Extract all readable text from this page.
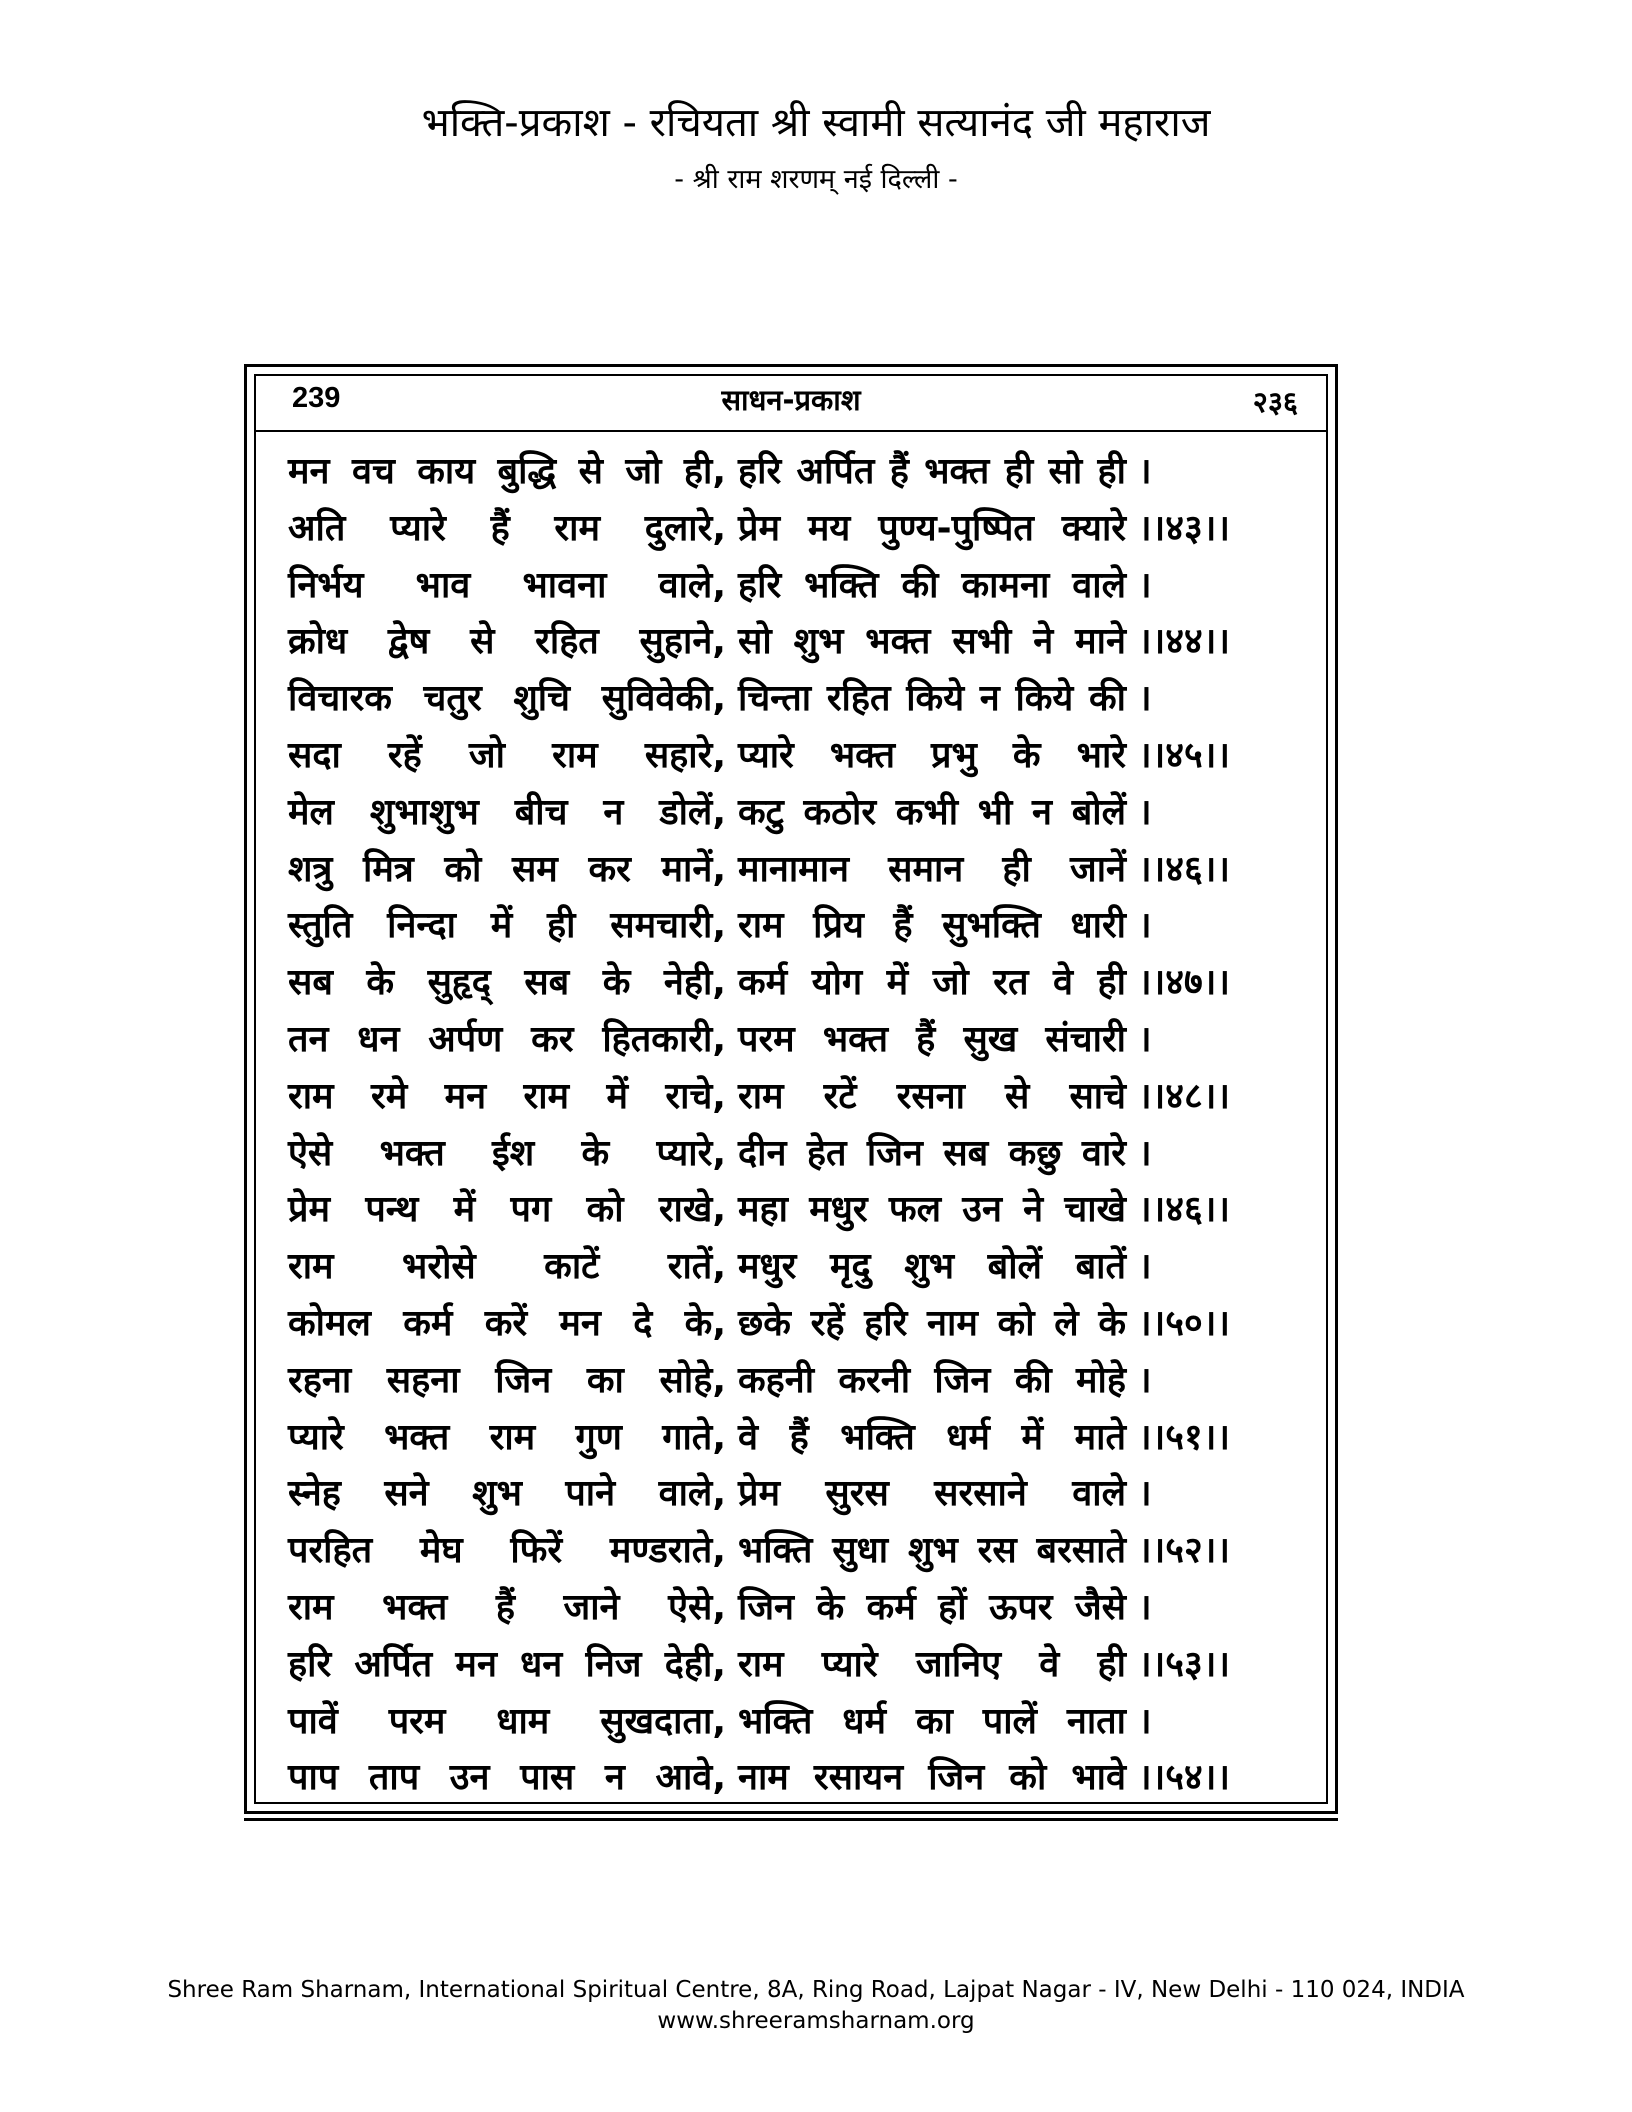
भक्ति-प्रकाश - रचियता श्री स्वामी सत्यानंद जी महाराज
- श्री राम शरणम् नई दिल्ली -
239	साधन-प्रकाश	२३६
मन वच काय बुद्धि से जो ही, हरि अर्पित हैं भक्त ही सो ही ।
अति प्यारे हैं राम दुलारे, प्रेम मय पुण्य-पुष्पित क्यारे ।।४३।।
निर्भय भाव भावना वाले, हरि भक्ति की कामना वाले ।
क्रोध द्वेष से रहित सुहाने, सो शुभ भक्त सभी ने माने ।।४४।।
विचारक चतुर शुचि सुविवेकी, चिन्ता रहित किये न किये की ।
सदा रहें जो राम सहारे, प्यारे भक्त प्रभु के भारे ।।४५।।
मेल शुभाशुभ बीच न डोलें, कटु कठोर कभी भी न बोलें ।
शत्रु मित्र को सम कर मानें, मानामान समान ही जानें ।।४६।।
स्तुति निन्दा में ही समचारी, राम प्रिय हैं सुभक्ति धारी ।
सब के सुहृद् सब के नेही, कर्म योग में जो रत वे ही ।।४७।।
तन धन अर्पण कर हितकारी, परम भक्त हैं सुख संचारी ।
राम रमे मन राम में राचे, राम रटें रसना से साचे ।।४८।।
ऐसे भक्त ईश के प्यारे, दीन हेत जिन सब कछु वारे ।
प्रेम पन्थ में पग को राखे, महा मधुर फल उन ने चाखे ।।४६।।
राम भरोसे काटें रातें, मधुर मृदु शुभ बोलें बातें ।
कोमल कर्म करें मन दे के, छके रहें हरि नाम को ले के ।।५०।।
रहना सहना जिन का सोहे, कहनी करनी जिन की मोहे ।
प्यारे भक्त राम गुण गाते, वे हैं भक्ति धर्म में माते ।।५१।।
स्नेह सने शुभ पाने वाले, प्रेम सुरस सरसाने वाले ।
परहित मेघ फिरें मण्डराते, भक्ति सुधा शुभ रस बरसाते ।।५२।।
राम भक्त हैं जाने ऐसे, जिन के कर्म हों ऊपर जैसे ।
हरि अर्पित मन धन निज देही, राम प्यारे जानिए वे ही ।।५३।।
पावें परम धाम सुखदाता, भक्ति धर्म का पालें नाता ।
पाप ताप उन पास न आवे, नाम रसायन जिन को भावे ।।५४।।
Shree Ram Sharnam, International Spiritual Centre, 8A, Ring Road, Lajpat Nagar - IV, New Delhi - 110 024, INDIA
www.shreeramsharnam.org
